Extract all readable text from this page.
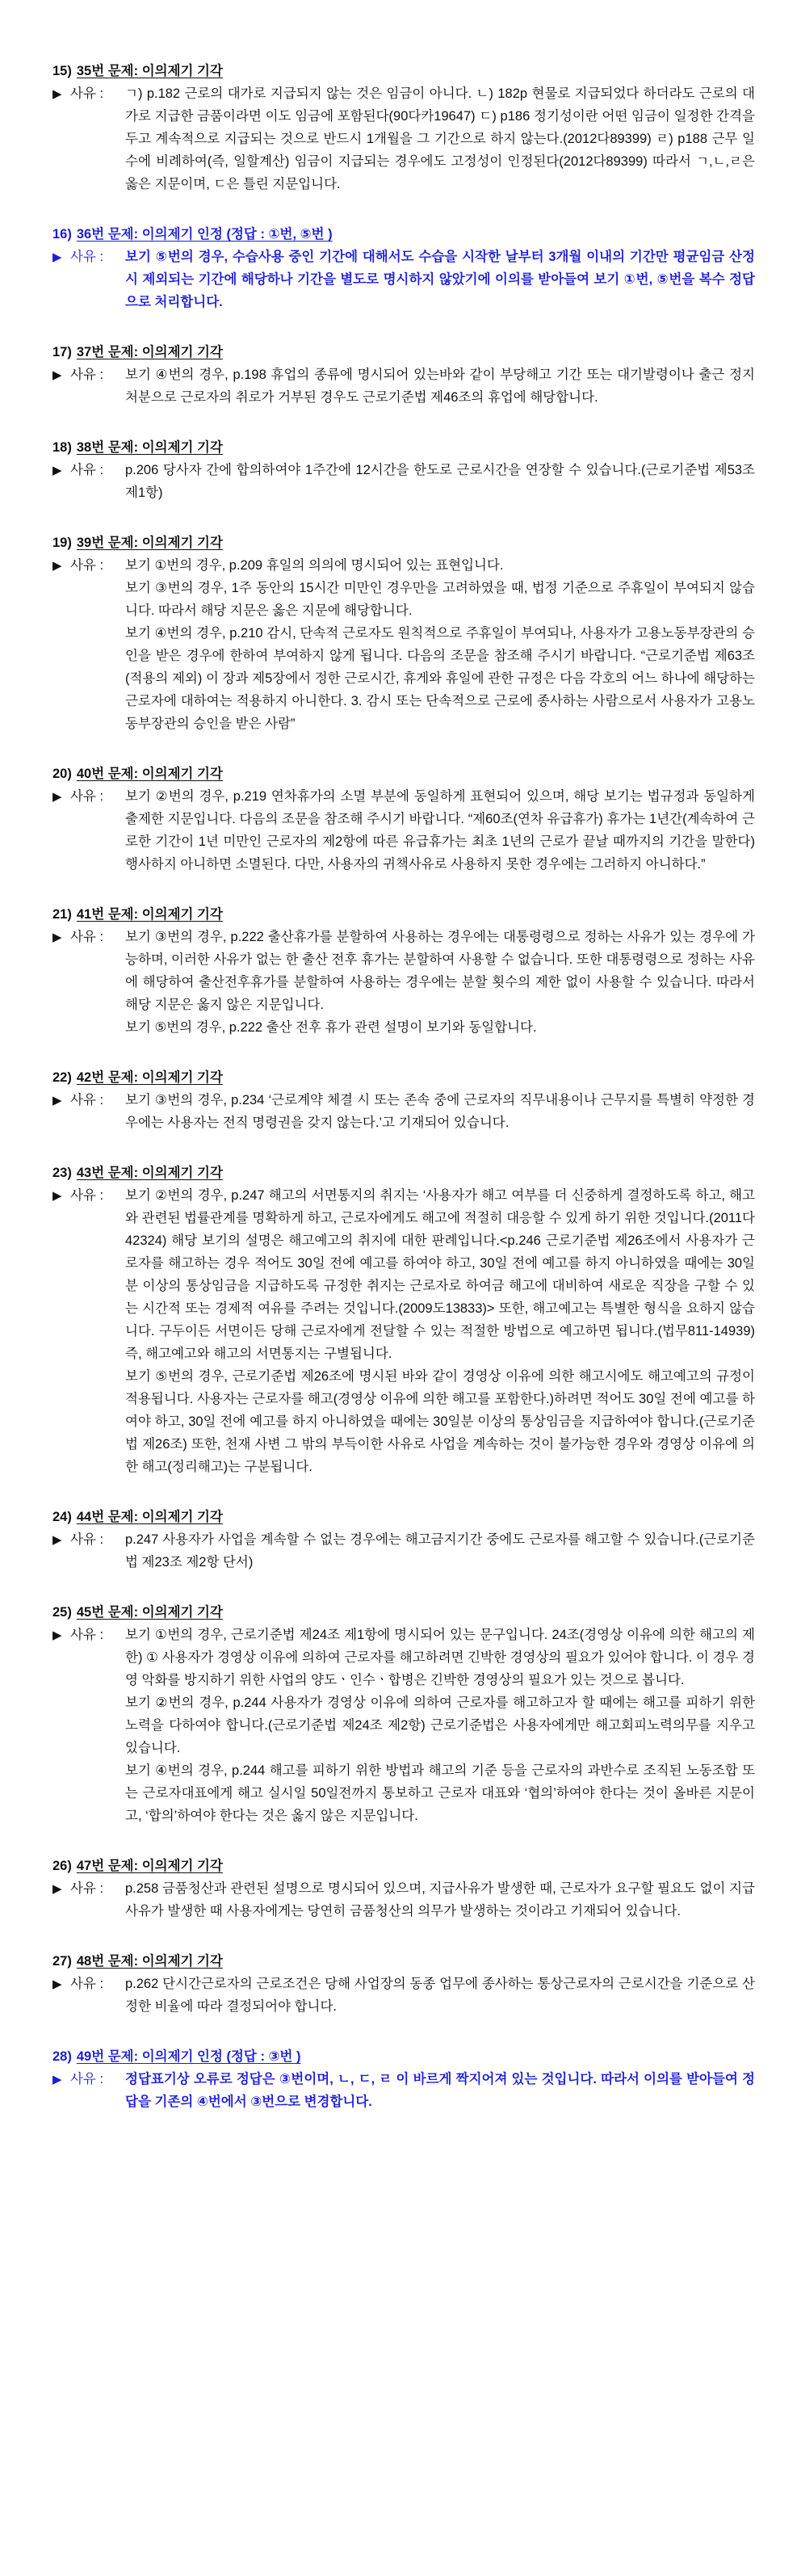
15) 35번 문제: 이의제기 기각
▶
사유 :	ㄱ) p.182 근로의 대가로 지급되지 않는 것은 임금이 아니다. ㄴ) 182p 현물로 지급되었다 하더라도 근로의 대가로 지급한 금품이라면 이도 임금에 포함된다(90다카19647) ㄷ) p186 정기성이란 어떤 임금이 일정한 간격을 두고 계속적으로 지급되는 것으로 반드시 1개월을 그 기간으로 하지 않는다.(2012다89399) ㄹ) p188 근무 일수에 비례하여(즉, 일할계산) 임금이 지급되는 경우에도 고정성이 인정된다(2012다89399) 따라서 ㄱ,ㄴ,ㄹ은 옳은 지문이며, ㄷ은 틀린 지문입니다.

16) 36번 문제: 이의제기 인정 (정답 : ①번, ⑤번 )
▶
사유 :	보기 ⑤번의 경우, 수습사용 중인 기간에 대해서도 수습을 시작한 날부터 3개월 이내의 기간만 평균임금 산정 시 제외되는 기간에 해당하나 기간을 별도로 명시하지 않았기에 이의를 받아들여 보기 ①번, ⑤번을 복수 정답으로 처리합니다.

17) 37번 문제: 이의제기 기각
▶
사유 :	보기 ④번의 경우, p.198 휴업의 종류에 명시되어 있는바와 같이 부당해고 기간 또는 대기발령이나 출근 정지 처분으로 근로자의 취로가 거부된 경우도 근로기준법 제46조의 휴업에 해당합니다.

18) 38번 문제: 이의제기 기각
▶
사유 :	p.206 당사자 간에 합의하여야 1주간에 12시간을 한도로 근로시간을 연장할 수 있습니다.(근로기준법 제53조 제1항)

19) 39번 문제: 이의제기 기각
▶
사유 :	보기 ①번의 경우, p.209 휴일의 의의에 명시되어 있는 표현입니다.

보기 ③번의 경우, 1주 동안의 15시간 미만인 경우만을 고려하였을 때, 법정 기준으로 주휴일이 부여되지 않습니다. 따라서 해당 지문은 옳은 지문에 해당합니다.

보기 ④번의 경우, p.210 감시, 단속적 근로자도 원칙적으로 주휴일이 부여되나, 사용자가 고용노동부장관의 승인을 받은 경우에 한하여 부여하지 않게 됩니다. 다음의 조문을 참조해 주시기 바랍니다. “근로기준법 제63조 (적용의 제외) 이 장과 제5장에서 정한 근로시간, 휴게와 휴일에 관한 규정은 다음 각호의 어느 하나에 해당하는 근로자에 대하여는 적용하지 아니한다. 3. 감시 또는 단속적으로 근로에 종사하는 사람으로서 사용자가 고용노동부장관의 승인을 받은 사람”

20) 40번 문제: 이의제기 기각
▶
사유 :	보기 ②번의 경우, p.219 연차휴가의 소멸 부분에 동일하게 표현되어 있으며, 해당 보기는 법규정과 동일하게 출제한 지문입니다. 다음의 조문을 참조해 주시기 바랍니다. “제60조(연차 유급휴가) 휴가는 1년간(계속하여 근로한 기간이 1년 미만인 근로자의 제2항에 따른 유급휴가는 최초 1년의 근로가 끝날 때까지의 기간을 말한다) 행사하지 아니하면 소멸된다. 다만, 사용자의 귀책사유로 사용하지 못한 경우에는 그러하지 아니하다.”

21) 41번 문제: 이의제기 기각
▶
사유 :	보기 ③번의 경우, p.222 출산휴가를 분할하여 사용하는 경우에는 대통령령으로 정하는 사유가 있는 경우에 가능하며, 이러한 사유가 없는 한 출산 전후 휴가는 분할하여 사용할 수 없습니다. 또한 대통령령으로 정하는 사유에 해당하여 출산전후휴가를 분할하여 사용하는 경우에는 분할 횟수의 제한 없이 사용할 수 있습니다. 따라서 해당 지문은 옳지 않은 지문입니다.

보기 ⑤번의 경우, p.222 출산 전후 휴가 관련 설명이 보기와 동일합니다.

22) 42번 문제: 이의제기 기각
▶
사유 :	보기 ③번의 경우, p.234 ‘근로계약 체결 시 또는 존속 중에 근로자의 직무내용이나 근무지를 특별히 약정한 경우에는 사용자는 전직 명령권을 갖지 않는다.’고 기재되어 있습니다.

23) 43번 문제: 이의제기 기각
▶
사유 :	보기 ②번의 경우, p.247 해고의 서면통지의 취지는 ‘사용자가 해고 여부를 더 신중하게 결정하도록 하고, 해고와 관련된 법률관계를 명확하게 하고, 근로자에게도 해고에 적절히 대응할 수 있게 하기 위한 것입니다.(2011다42324) 해당 보기의 설명은 해고예고의 취지에 대한 판례입니다.<p.246 근로기준법 제26조에서 사용자가 근로자를 해고하는 경우 적어도 30일 전에 예고를 하여야 하고, 30일 전에 예고를 하지 아니하였을 때에는 30일분 이상의 통상임금을 지급하도록 규정한 취지는 근로자로 하여금 해고에 대비하여 새로운 직장을 구할 수 있는 시간적 또는 경제적 여유를 주려는 것입니다.(2009도13833)> 또한, 해고예고는 특별한 형식을 요하지 않습니다. 구두이든 서면이든 당해 근로자에게 전달할 수 있는 적절한 방법으로 예고하면 됩니다.(법무811-14939) 즉, 해고예고와 해고의 서면통지는 구별됩니다.

보기 ⑤번의 경우, 근로기준법 제26조에 명시된 바와 같이 경영상 이유에 의한 해고시에도 해고예고의 규정이 적용됩니다. 사용자는 근로자를 해고(경영상 이유에 의한 해고를 포함한다.)하려면 적어도 30일 전에 예고를 하여야 하고, 30일 전에 예고를 하지 아니하였을 때에는 30일분 이상의 통상임금을 지급하여야 합니다.(근로기준법 제26조) 또한, 천재 사변 그 밖의 부득이한 사유로 사업을 계속하는 것이 불가능한 경우와 경영상 이유에 의한 해고(정리해고)는 구분됩니다.

24) 44번 문제: 이의제기 기각
▶
사유 :	p.247 사용자가 사업을 계속할 수 없는 경우에는 해고금지기간 중에도 근로자를 해고할 수 있습니다.(근로기준법 제23조 제2항 단서)

25) 45번 문제: 이의제기 기각
▶
사유 :	보기 ①번의 경우, 근로기준법 제24조 제1항에 명시되어 있는 문구입니다. 24조(경영상 이유에 의한 해고의 제한) ① 사용자가 경영상 이유에 의하여 근로자를 해고하려면 긴박한 경영상의 필요가 있어야 합니다. 이 경우 경영 악화를 방지하기 위한 사업의 양도ㆍ인수ㆍ합병은 긴박한 경영상의 필요가 있는 것으로 봅니다.

보기 ②번의 경우, p.244 사용자가 경영상 이유에 의하여 근로자를 해고하고자 할 때에는 해고를 피하기 위한 노력을 다하여야 합니다.(근로기준법 제24조 제2항) 근로기준법은 사용자에게만 해고회피노력의무를 지우고 있습니다.

보기 ④번의 경우, p.244 해고를 피하기 위한 방법과 해고의 기준 등을 근로자의 과반수로 조직된 노동조합 또는 근로자대표에게 해고 실시일 50일전까지 통보하고 근로자 대표와 ‘협의’하여야 한다는 것이 올바른 지문이고, ‘합의’하여야 한다는 것은 옳지 않은 지문입니다.

26) 47번 문제: 이의제기 기각
▶
사유 :	p.258 금품청산과 관련된 설명으로 명시되어 있으며, 지급사유가 발생한 때, 근로자가 요구할 필요도 없이 지급사유가 발생한 때 사용자에게는 당연히 금품청산의 의무가 발생하는 것이라고 기재되어 있습니다.

27) 48번 문제: 이의제기 기각
▶
사유 :	p.262 단시간근로자의 근로조건은 당해 사업장의 동종 업무에 종사하는 통상근로자의 근로시간을 기준으로 산정한 비율에 따라 결정되어야 합니다.

28) 49번 문제: 이의제기 인정 (정답 : ③번 )
▶
사유 :	정답표기상 오류로 정답은 ③번이며, ㄴ, ㄷ, ㄹ 이 바르게 짝지어져 있는 것입니다. 따라서 이의를 받아들여 정답을 기존의 ④번에서 ③번으로 변경합니다.
